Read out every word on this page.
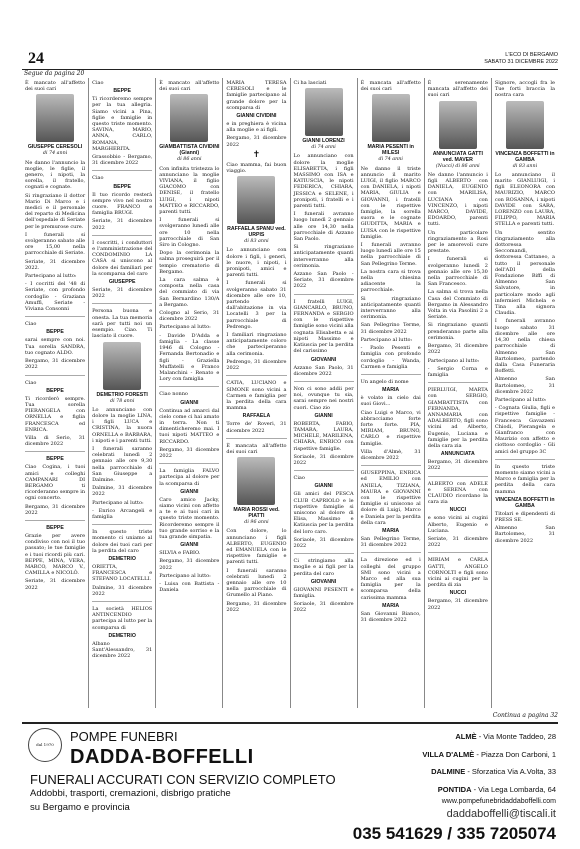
24	L'ECO DI BERGAMO
SABATO 31 DICEMBRE 2022
È mancato all'affetto dei suoi cari
GIUSEPPE CERESOLI
di 74 anni
Ne danno l'annuncio la moglie, le figlie, il genero, i nipoti, la sorella, il fratello, cognati e cognate.
Si ringraziano il dottor Mario Di Marco e i medici e il personale del reparto di Medicina dell'ospedale di Seriate per le premurose cure.
I funerali si svolgeranno sabato alle ore 15,00 nella parrocchiale di Seriate.
Seriate, 31 dicembre 2022.
Partecipano al lutto:
- I cocritti del '48 di Seriate, con profondo cordoglio - Graziana Amuffi, Seriate - Viviana Consonni
Ciao
BEPPE
sarai sempre con noi. Tua sorella SANDRA, tuo cognato ALDO.
Bergamo, 31 dicembre 2022
Ciao
BEPPE
Ti ricorderò sempre. Tua sorella PIERANGELA con ORNELLA e figlia FRANCESCA ed ENRICA.
Villa di Serio, 31 dicembre 2022
BEPPE
Ciao Cogina, i tuoi amici e colleghi CAMPANARI DI BERGAMO ti ricorderanno sempre in ogni concerto.
Bergamo, 31 dicembre 2022
BEPPE
Grazie per avere condiviso con noi il tuo passato; le tue famiglie e i tuoi ricordi più cari. BEPPE, MINA, VERA, MARCO, MARCO V., CAMILLA e NICOLÒ.
Seriate, 31 dicembre 2022
Ciao
BEPPE
Ti ricorderemo sempre per la tua allegria. Siamo vicini a Pina, figlie e famiglie in questo triste momento. SAVINA, MARIO, ANNA, CARLO, ROMANA, MARGHERITA.
Grassobbio - Bergamo, 31 dicembre 2022
Ciao
BEPPE
Il tuo ricordo resterà sempre vivo nel nostro cuore. FRANCO e famiglia BRUGI.
Seriate, 31 dicembre 2022
I coscritti, i conduttori e l'amministrazione del CONDOMINIO LA CASA si uniscono al dolore dei familiari per la scomparsa del caro
GIUSEPPE
Seriate, 31 dicembre 2022
Persona buona e onesta. La tua memoria sarà per tutti noi un esempio. Ciao. Ti lasciato il cuore.
DEMETRIO FORESTI
di 78 anni
Lo annunciano con dolore la moglie LINA, i figli LUCA e CRISTINA, la nuora ORNELLA e BARBARA, i nipoti e i parenti tutti.
I funerali saranno celebrati lunedì 2 gennaio alle ore 9,30 nella parrocchiale di San Giuseppe a Dalmine.
Dalmine, 31 dicembre 2022
Partecipano al lutto:
- Enrico Arcangeli e famiglia
In questo triste momento ci uniamo al dolore dei tuoi cari per la perdita del caro
DEMETRIO
ORIETTA, FRANCESCA e STEFANO LOCATELLI.
Dalmine, 31 dicembre 2022
La società HELIOS ANTINCENDIO partecipa al lutto per la scomparsa di
DEMETRIO
Albano Sant'Alessandro, 31 dicembre 2022
È mancato all'affetto dei suoi cari
GIAMBATTISTA CIVIDINI (Gianni)
di 86 anni
Con infinita tristezza lo annunciano la moglie VIVIANA, il figlio GIACOMO con DENISE, il fratello LUIGI, i nipoti MATTEO e RICCARDO, parenti tutti.
I funerali si svolgeranno lunedì alle ore 10 nella parrocchiale di San Siro in Cologno.
Dopo la cerimonia la salma proseguirà per il tempio crematorio di Bergamo.
La cara salma è composta nella casa del commiato di via San Bernardino 130/A a Bergamo.
Cologno al Serio, 31 dicembre 2022
Partecipano al lutto:
- Davide D'Adda e famiglia - La classe 1946 di Cologno - Fernanda Bertonadio e figli - Graziella Muffatelli e Franco Malanchini - Renato e Lory con famiglia
Ciao nonno
GIANNI
Continua ad amarci dal cielo come ci hai amato in terra. Non ti dimenticheremo mai. I tuoi nipoti MATTEO e RICCARDO.
Bergamo, 31 dicembre 2022
La famiglia FALVO partecipa al dolore per la scomparsa di
GIANNI
Caro amico Jacky, siamo vicini con affetto a te e ai tuoi cari in questo triste momento. Ricorderemo sempre il tuo grande sorriso e la tua grande simpatia.
GIANNI
SILVIA e FABIO.
Bergamo, 31 dicembre 2022
Partecipano al lutto:
- Luisa con Battista - Daniela
MARIA TERESA CERESOLI e le famiglie partecipano al grande dolore per la scomparsa di
GIANNI CIVIDINI
e in preghiera è vicina alla moglie e ai figli.
Bergamo, 31 dicembre 2022
✝
Ciao mamma, fai buon viaggio.
RAFFAELA SPANU ved. URPIS
di 83 anni
Lo annunciano con dolore i figli, i generi, le nuore, i nipoti, i pronipoti, amici e parenti tutti.
I funerali si svolgeranno sabato 31 dicembre alle ore 10, partendo dall'abitazione in via Locatelli 3 per la parrocchiale di Pedrengo.
I familiari ringraziano anticipatamente coloro che parteciperanno alla cerimonia.
Pedrengo, 31 dicembre 2022
CATIA, LUCIANO e SIMONE sono vicini a Carmen e famiglia per la perdita della cara mamma
RAFFAELA
Torre de' Roveri, 31 dicembre 2022
È mancata all'affetto dei suoi cari
MARIA ROSSI ved. PIATTI
di 96 anni
Con dolore, lo annunciano i figli ALBERTO, EUGENIO ed EMANUELA con le rispettive famiglie e parenti tutti.
I funerali saranno celebrati lunedì 2 gennaio alle ore 10 nella parrocchiale di Grumello al Piano.
Bergamo, 31 dicembre 2022
Ci ha lasciati
GIANNI LORENZI
di 74 anni
Lo annunciano con dolore la moglie ELISABETTA, i figli MASSIMO con ISA e KATIUSCIA, le nipoti FEDERICA, CHIARA, JESSICA e SELENE, i pronipoti, i fratelli e i parenti tutti.
I funerali avranno luogo lunedì 2 gennaio alle ore 14,30 nella parrocchiale di Azzano San Paolo.
Si ringraziano anticipatamente quanti interverranno alla cerimonia.
Azzano San Paolo - Seriate, 31 dicembre 2022
I fratelli LUIGI, GIANCARLO, BRUNO, FERNANDA e SERGIO con le rispettive famiglie sono vicini alla cognata Elisabetta e ai nipoti Massimo e Katiuscia per la perdita del carissimo
GIOVANNI
Azzano San Paolo, 31 dicembre 2022
Non ci sono addii per noi, ovunque tu sia, sarai sempre nei nostri cuori. Ciao zio
GIANNI
ROBERTA, FABIO, TAMARA, LAURA, MICHELE, MARILENA, CHIARA, ENRICO con rispettive famiglie.
Soriaole, 31 dicembre 2022
Ciao
GIANNI
Gli amici del PESCA CLUB CAPRIOLO e le rispettive famiglie si uniscono al dolore di Elisa, Massimo e Katiuscia per la perdita del loro caro.
Soriaole, 31 dicembre 2022
Ci stringiamo alla moglie e ai figli per la perdita del caro
GIOVANNI
GIOVANNI PESENTI e famiglia.
Soriaole, 31 dicembre 2022
È mancata all'affetto dei suoi cari
MARIA PESENTI in MILESI
di 74 anni
Ne danno il triste annuncio il marito LUIGI, il figlio MARCO con DANIELA, i nipoti MARIA, GIULIA e GIOVANNI, i fratelli con le rispettive famiglie, la sorella suora e le cognate GIUDITTA, MARIA e LUISA con le rispettive famiglie.
I funerali avranno luogo lunedì alle ore 15 nella parrocchiale di San Pellegrino Terme.
La nostra cara si trova nella chiesina adiacente la parrocchiale.
Si ringraziano anticipatamente quanti interverranno alla cerimonia.
San Pellegrino Terme, 31 dicembre 2022
Partecipano al lutto:
- Paolo Pesenti e famiglia con profondo cordoglio - Wanda, Carmen e famiglia
Un angelo di nome
MARIA
è volato in cielo dai suoi Giovi...
Ciao Luigi e Marco, vi abbracciamo forte forte forte. PIA, MIRIAM, BRUNO, CARLO e rispettive famiglie.
Villa d'Almè, 31 dicembre 2022
GIUSEPPINA, ENRICA ed EMILIO con ANIELA, TIZIANA, MAURA e GIOVANNI con le rispettive famiglie si uniscono al dolore di Luigi, Marco e Daniela per la perdita della cara
MARIA
San Pellegrino Terme, 31 dicembre 2022
La direzione ed i colleghi del gruppo SMI sono vicini a Marco ed alla sua famiglia per la scomparsa della carissima mamma
MARIA
San Giovanni Bianco, 31 dicembre 2022
È serenamente mancata all'affetto dei suoi cari
ANNUNCIATA GATTI ved. MAVER
(Nucci) di 86 anni
Ne danno l'annuncio i figli ALBERTO con DANIELA, EUGENIO con MARILISA, LUCIANA con VINCENZO, i nipoti MARCO, DAVIDE, EDOARDO, parenti tutti.
Un particolare ringraziamento a Rosi per le amorevoli cure prestate.
I funerali si svolgeranno lunedì 2 gennaio alle ore 15,30 nella parrocchiale di San Francesco.
La salma si trova nella Casa del Commiato di Bergamo in Alessandro Volta in via Pasolini 2 a Seriate.
Si ringraziano quanti prenderanno parte alla cerimonia.
Bergamo, 31 dicembre 2022
Partecipano al lutto:
- Sergio Corna e famiglia
PIERLUIGI, MARTA con SERGIO, GIAMBATTISTA con FERNANDA, ANNAMARIA con ADALBERTO, figli sono vicini ad Alberto, Eugenio, Luciana e famiglie per la perdita della cara zia
ANNUNCIATA
Bergamo, 31 dicembre 2022
ALBERTO con ADELE e SERENA con CLAUDIO ricordano la cara zia
NUCCI
e sono vicini ai cugini Alberto, Eugenio e Luciana.
Seriate, 31 dicembre 2022
MIRIAM e CARLA GATTI, ANGELO CORNOLTI e figli sono vicini ai cugini per la perdita di zia
NUCCI
Bergamo, 31 dicembre 2022
Signore, accogli fra le Tue forti braccia la nostra cara
VINCENZA BOFFETTI in GAMBA
di 83 anni
Lo annunciano il marito GIANLUIGI, i figli ELEONORA con MAURIZIO, MARCO con ROSANNA, i nipoti DAVIDE con SARA, LORENZO con LAURA, FILIPPO, MARIA STELLA e parenti tutti.
Un sentito ringraziamento alla dottoressa Seccomandi, dottoressa Cattaneo, a tutto il personale dell'ADI della Fondazione Biffi di Almenno San Salvatore, in particolare modo agli infermieri Michela e Tina alla signora Claudia.
I funerali avranno luogo sabato 31 dicembre alle ore 14,30 nella chiesa parrocchiale di Almenno San Bartolomeo, partendo dalla Casa Funeraria Boffetti.
Almenno San Bartolomeo, 31 dicembre 2022
Partecipano al lutto:
- Cognata Giulia, figli e rispettive famiglie - Francesca Gavazzeni Chiodi, Pierangela e Gianfranco con Maurizio con affetto e ciottoso cordoglio - Gli amici del gruppo 3C
In questo triste momento siamo vicini a Marco e famiglia per la perdita della cara mamma
VINCENZA BOFFETTI in GAMBA
Titolari e dipendenti di PRESS SE.
Almenno San Bartolomeo, 31 dicembre 2022
Segue da pagina 20
Continua a pagina 32
dal 1970
POMPE FUNEBRI
DADDA-BOFFELLI
FUNERALI ACCURATI CON SERVIZIO COMPLETO
Addobbi, trasporti, cremazioni, disbrigo pratiche
su Bergamo e provincia
ALMÈ - Via Monte Taddeo, 28
VILLA D'ALMÈ - Piazza Don Carboni, 1
DALMINE - Sforzatica Via A.Volta, 33
PONTIDA - Via Lega Lombarda, 64
www.pompefunebridaddaboffelli.com
daddaboffelli@tiscali.it
035 541629 / 335 7205074
